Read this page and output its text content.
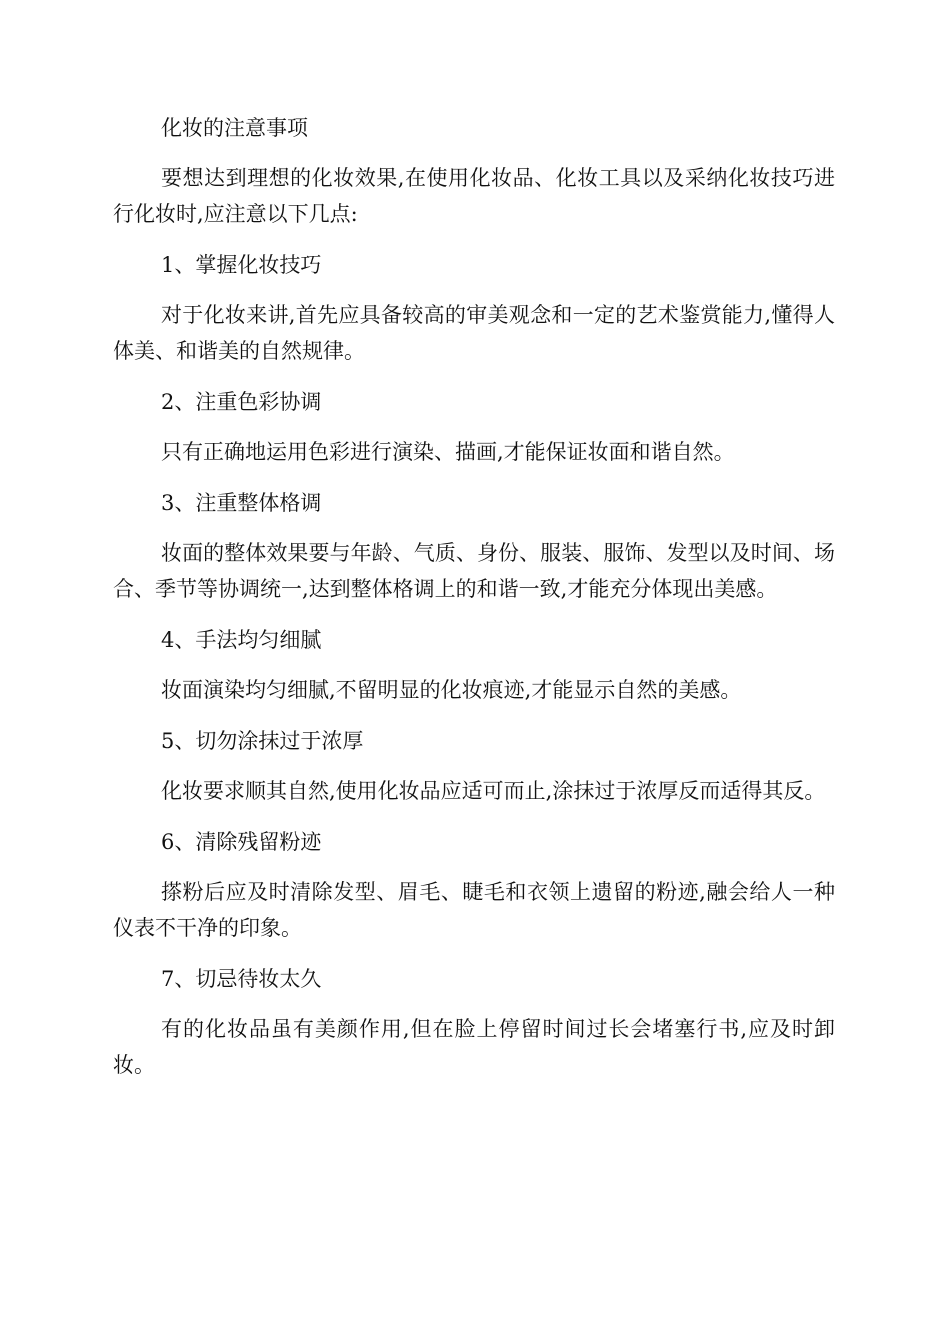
化妆的注意事项

要想达到理想的化妆效果,在使用化妆品、化妆工具以及采纳化妆技巧进行化妆时,应注意以下几点:

1、掌握化妆技巧

对于化妆来讲,首先应具备较高的审美观念和一定的艺术鉴赏能力,懂得人体美、和谐美的自然规律。

2、注重色彩协调

只有正确地运用色彩进行演染、描画,才能保证妆面和谐自然。

3、注重整体格调

妆面的整体效果要与年龄、气质、身份、服装、服饰、发型以及时间、场合、季节等协调统一,达到整体格调上的和谐一致,才能充分体现出美感。

4、手法均匀细腻

妆面演染均匀细腻,不留明显的化妆痕迹,才能显示自然的美感。

5、切勿涂抹过于浓厚

化妆要求顺其自然,使用化妆品应适可而止,涂抹过于浓厚反而适得其反。

6、清除残留粉迹

搽粉后应及时清除发型、眉毛、睫毛和衣领上遗留的粉迹,融会给人一种仪表不干净的印象。

7、切忌待妆太久

有的化妆品虽有美颜作用,但在脸上停留时间过长会堵塞行书,应及时卸妆。
